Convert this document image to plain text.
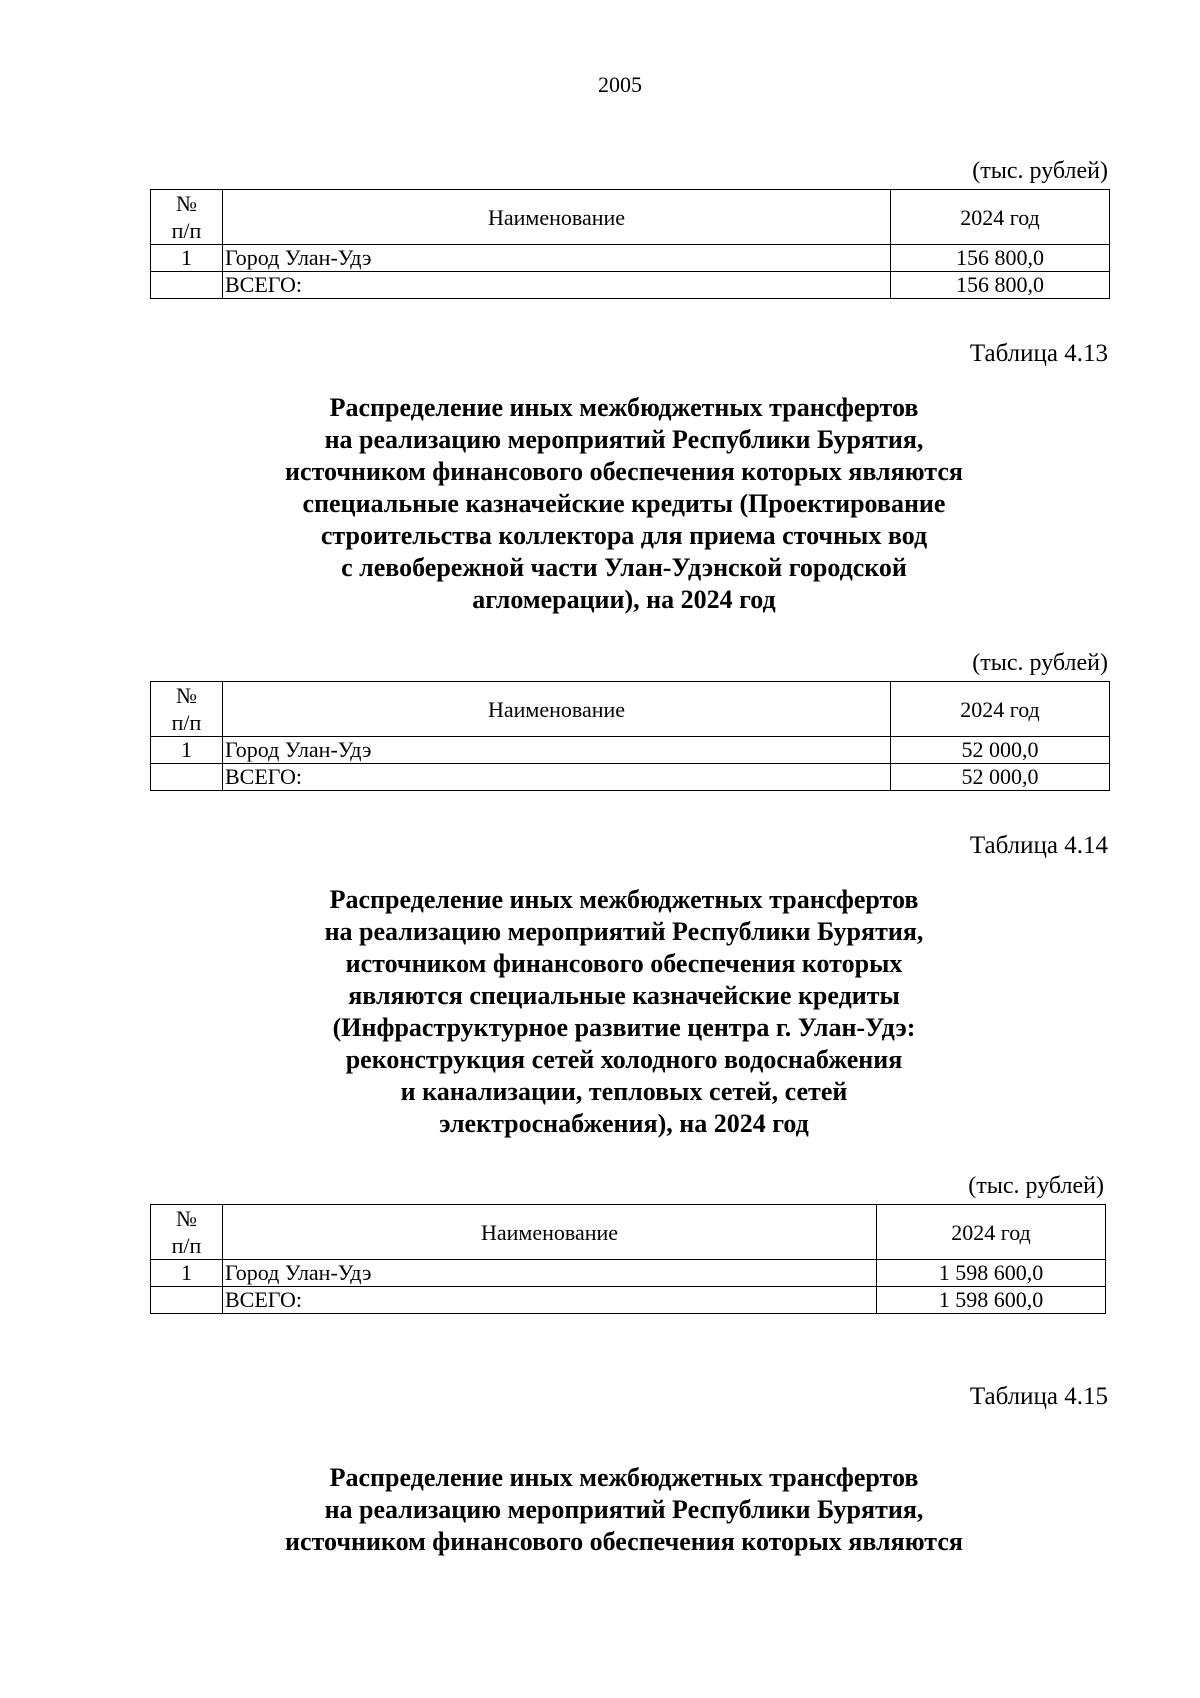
2005
(тыс. рублей)
№
п/п	Наименование	2024 год
1	Город Улан-Удэ	156 800,0
	ВСЕГО:	156 800,0
Таблица 4.13
Распределение иных межбюджетных трансфертов
на реализацию мероприятий Республики Бурятия,
источником финансового обеспечения которых являются
специальные казначейские кредиты (Проектирование
строительства коллектора для приема сточных вод
с левобережной части Улан-Удэнской городской
агломерации), на 2024 год
(тыс. рублей)
№
п/п	Наименование	2024 год
1	Город Улан-Удэ	52 000,0
	ВСЕГО:	52 000,0
Таблица 4.14
Распределение иных межбюджетных трансфертов
на реализацию мероприятий Республики Бурятия,
источником финансового обеспечения которых
являются специальные казначейские кредиты
(Инфраструктурное развитие центра г. Улан-Удэ:
реконструкция сетей холодного водоснабжения
и канализации, тепловых сетей, сетей
электроснабжения), на 2024 год
(тыс. рублей)
№
п/п	Наименование	2024 год
1	Город Улан-Удэ	1 598 600,0
	ВСЕГО:	1 598 600,0
Таблица 4.15
Распределение иных межбюджетных трансфертов
на реализацию мероприятий Республики Бурятия,
источником финансового обеспечения которых являются
